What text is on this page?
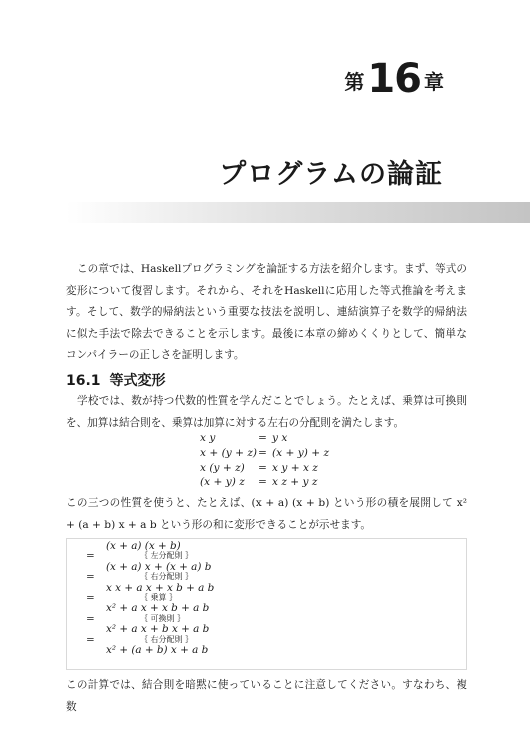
第 16 章
プログラムの論証

この章では、Haskellプログラミングを論証する方法を紹介します。まず、等式の変形について復習します。それから、それをHaskellに応用した等式推論を考えます。そして、数学的帰納法という重要な技法を説明し、連結演算子を数学的帰納法に似た手法で除去できることを示します。最後に本章の締めくくりとして、簡単なコンパイラーの正しさを証明します。

16.1 等式変形

学校では、数が持つ代数的性質を学んだことでしょう。たとえば、乗算は可換則を、加算は結合則を、乗算は加算に対する左右の分配則を満たします。

x y	= y x
x + (y + z) = (x + y) + z
x (y + z)	= x y + x z
(x + y) z	= x z + y z

この三つの性質を使うと、たとえば、(x + a) (x + b) という形の積を展開して x² + (a + b) x + a b という形の和に変形できることが示せます。

(x + a) (x + b)
=	｛ 左分配則 ｝
(x + a) x + (x + a) b
=	｛ 右分配則 ｝
x x + a x + x b + a b
=	｛ 乗算 ｝
x² + a x + x b + a b
=	｛ 可換則 ｝
x² + a x + b x + a b
=	｛ 右分配則 ｝
x² + (a + b) x + a b

この計算では、結合則を暗黙に使っていることに注意してください。すなわち、複数
